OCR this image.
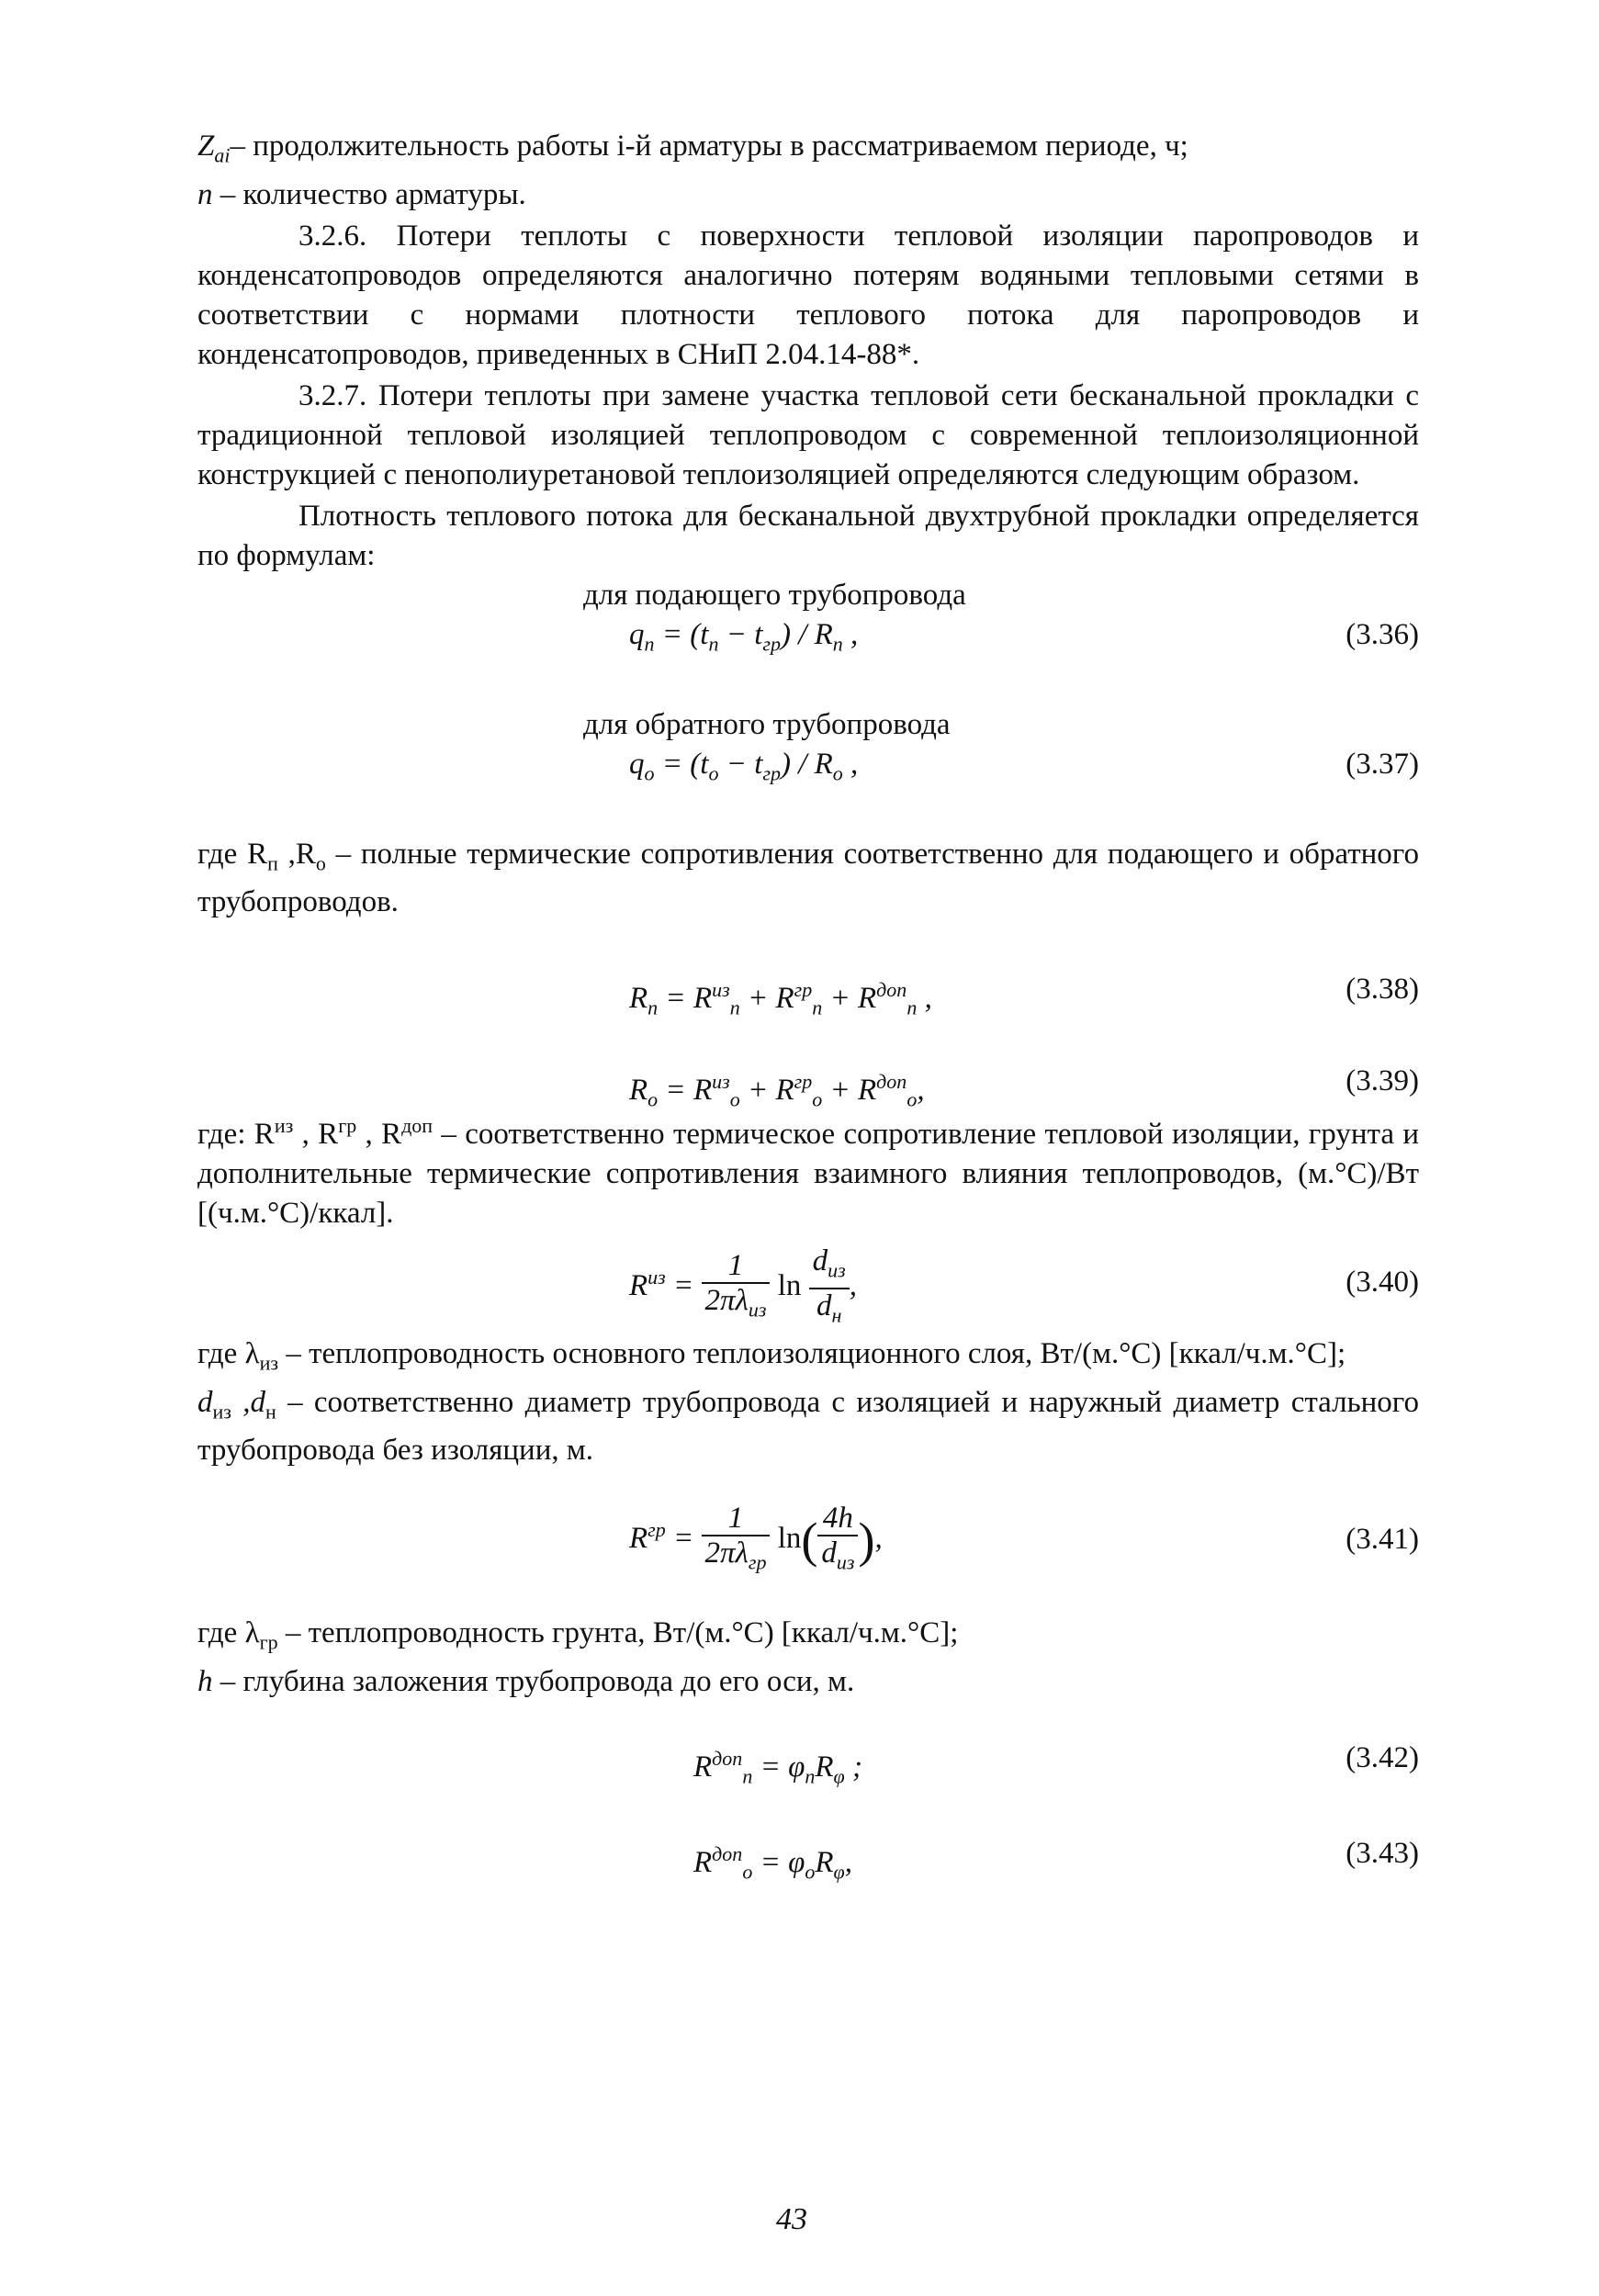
$Z_{ai}-$ продолжительность работы i-й арматуры в рассматриваемом периоде, ч;

n – количество арматуры.

3.2.6. Потери теплоты с поверхности тепловой изоляции паропроводов и конденсатопроводов определяются аналогично потерям водяными тепловыми сетями в соответствии с нормами плотности теплового потока для паропроводов и конденсатопроводов, приведенных в СНиП 2.04.14-88*.

3.2.7. Потери теплоты при замене участка тепловой сети бесканальной прокладки с традиционной тепловой изоляцией теплопроводом с современной теплоизоляционной конструкцией с пенополиуретановой теплоизоляцией определяются следующим образом.

Плотность теплового потока для бесканальной двухтрубной прокладки определяется по формулам:

для подающего трубопровода

$q_п = (t_п - t_{гр}) / R_п$ ,	(3.36)

для обратного трубопровода

$q_о = (t_о - t_{гр}) / R_о$ ,	(3.37)

где $R_п$ $,R_о$ – полные термические сопротивления соответственно для подающего и обратного трубопроводов.

$R_п = R^{из}_п + R^{гр}_п + R^{доп}_п$ ,	(3.38)
$R_о = R^{из}_о + R^{гр}_о + R^{доп}_о$,	(3.39)

где: $R^{из}$ , $R^{гр}$ , $R^{доп}$ – соответственно термическое сопротивление тепловой изоляции, грунта и дополнительные термические сопротивления взаимного влияния теплопроводов, (м.°С)/Вт [(ч.м.°С)/ккал].

$R^{из} = \frac{1}{2\pi\lambda_{из}}$ $\ln \frac{d_{из}}{d_н}$ ,	(3.40)

где $\lambda_{из}$ – теплопроводность основного теплоизоляционного слоя, Вт/(м.°С) [ккал/ч.м.°С];

$d_{из}$ $,d_н$ – соответственно диаметр трубопровода с изоляцией и наружный диаметр стального трубопровода без изоляции, м.

$R^{гр} = \frac{1}{2\pi\lambda_{гр}} \ln( \frac{4h}{d_{из}}$ ),	(3.41)

где $\lambda_{гр}$ – теплопроводность грунта, Вт/(м.°С) [ккал/ч.м.°С];

h – глубина заложения трубопровода до его оси, м.

$R^{доп}_п = \varphi_пR_\varphi$ ;	(3.42)
$R^{доп}_о = \varphi_оR_\varphi$,	(3.43)
43
